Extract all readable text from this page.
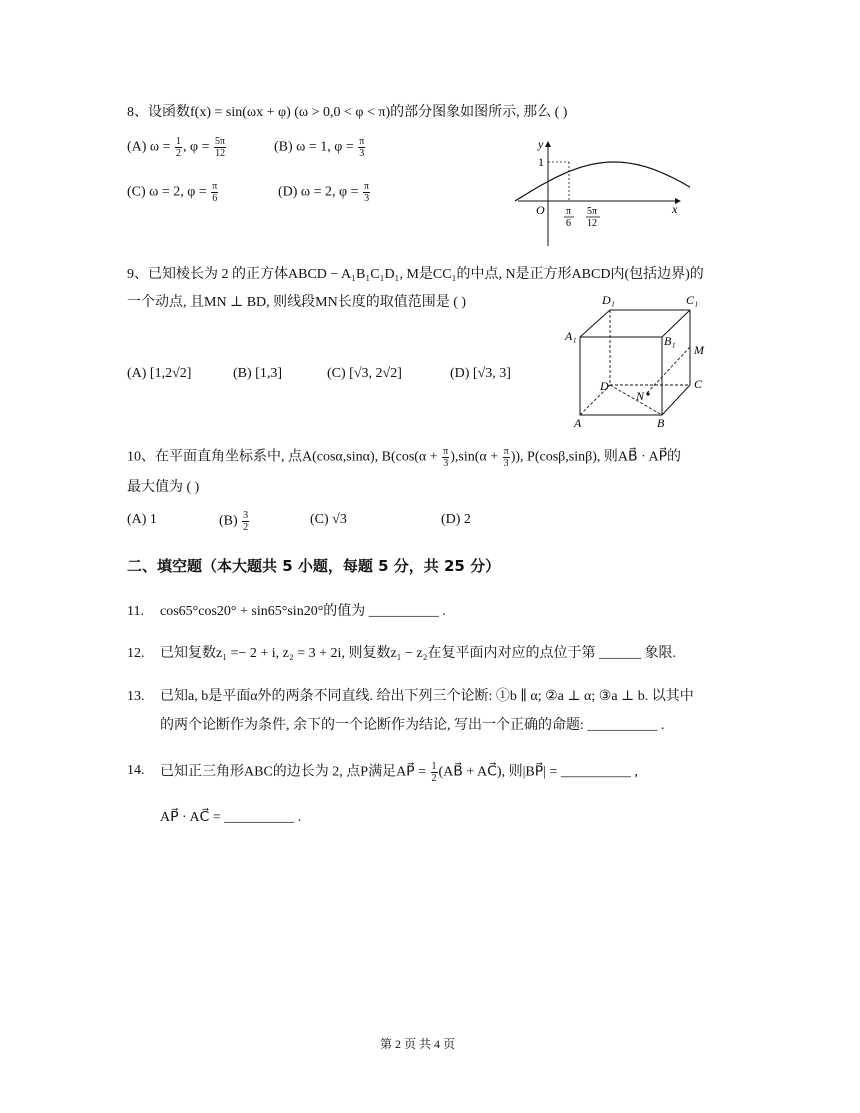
8、设函数f(x) = sin(ωx + φ) (ω > 0,0 < φ < π)的部分图象如图所示, 那么 ( )
(A) $\omega = \frac{1}{2}$ , $\varphi = \frac{5\pi}{12}$	(B) ω = 1, $\varphi = \frac{\pi}{3}$
(C) ω = 2, $\varphi = \frac{\pi}{6}$	(D) ω = 2, $\varphi = \frac{\pi}{3}$
y
x
O
1
π
6
5π
12
9、已知棱长为 2 的正方体ABCD − A₁B₁C₁D₁, M是CC₁的中点, N是正方形ABCD内(包括边界)的
一个动点, 且MN ⊥ BD, 则线段MN长度的取值范围是 ( )
(A) [1,2√2]	(B) [1,3]	(C) [√3, 2√2]	(D) [√3, 3]
D₁	C₁
A₁	B₁
M
D	C
N
A	B
10、在平面直角坐标系中, 点A(cosα,sinα), $B(\cos(\alpha + \frac{\pi}{3} ),\sin(\alpha + \frac{\pi}{3}$ )), P(cosβ,sinβ), 则AB⃗ · AP⃗的
最大值为 ( )
(A) 1	$(B) \frac{3}{2}$	(C) √3	(D) 2
二、填空题（本大题共 5 小题，每题 5 分，共 25 分）
11. cos65°cos20° + sin65°sin20°的值为 __________ .
12. 已知复数z₁ =− 2 + i, z₂ = 3 + 2i, 则复数z₁ − z₂在复平面内对应的点位于第 ______ 象限.
13. 已知a, b是平面α外的两条不同直线. 给出下列三个论断: ①b ∥ α; ②a ⊥ α; ③a ⊥ b. 以其中
的两个论断作为条件, 余下的一个论断作为结论, 写出一个正确的命题: __________ .
14. 已知正三角形ABC的边长为 2, 点P满足AP⃗ = $\frac{1}{2}$ (AB⃗ + AC⃗), 则|BP⃗| = __________ ,
AP⃗ · AC⃗ = __________ .
第 2 页 共 4 页
